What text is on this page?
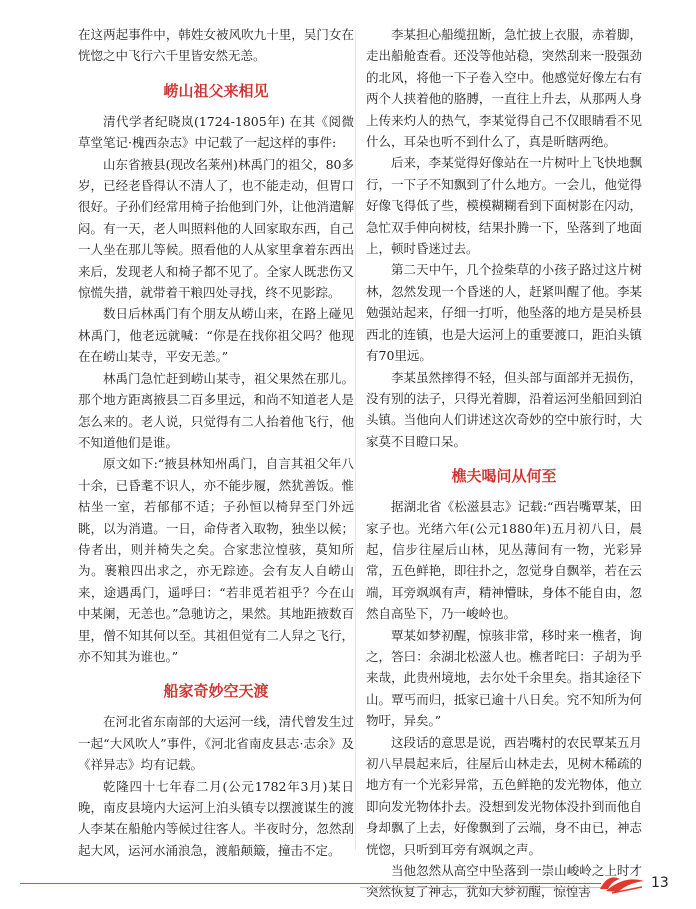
在这两起事件中，韩姓女被风吹九十里，吴门女在恍惚之中飞行六千里皆安然无恙。

崂山祖父来相见

清代学者纪晓岚(1724-1805年) 在其《阅微草堂笔记·槐西杂志》中记载了一起这样的事件:

山东省掖县(现改名莱州)林禹门的祖父，80多岁，已经老昏得认不清人了，也不能走动，但胃口很好。子孙们经常用椅子抬他到门外，让他消遣解闷。有一天，老人叫照料他的人回家取东西，自己一人坐在那儿等候。照看他的人从家里拿着东西出来后，发现老人和椅子都不见了。全家人既悲伤又惊慌失措，就带着干粮四处寻找，终不见影踪。

数日后林禹门有个朋友从崂山来，在路上碰见林禹门，他老远就喊：“你是在找你祖父吗？他现在在崂山某寺，平安无恙。”

林禹门急忙赶到崂山某寺，祖父果然在那儿。那个地方距离掖县二百多里远，和尚不知道老人是怎么来的。老人说，只觉得有二人抬着他飞行，他不知道他们是谁。

原文如下:“掖县林知州禹门，自言其祖父年八十余，已昏耄不识人，亦不能步履，然犹善饭。惟枯坐一室，若郁郁不适；子孙恒以椅舁至门外远眺，以为消遣。一日，命侍者入取物，独坐以候；侍者出，则并椅失之矣。合家悲泣惶骇，莫知所为。裹粮四出求之，亦无踪迹。会有友人自崂山来，途遇禹门，遥呼曰：“若非觅若祖乎？今在山中某阑，无恙也。”急驰访之，果然。其地距掖数百里，僧不知其何以至。其祖但觉有二人舁之飞行，亦不知其为谁也。”

船家奇妙空天渡

在河北省东南部的大运河一线，清代曾发生过一起“大风吹人”事件，《河北省南皮县志·志余》及《祥异志》均有记载。

乾隆四十七年春二月(公元1782年3月)某日晚，南皮县境内大运河上泊头镇专以摆渡谋生的渡人李某在船舱内等候过往客人。半夜时分，忽然刮起大风，运河水涌浪急，渡船颠簸，撞击不定。

李某担心船缆扭断，急忙披上衣服，赤着脚，走出船舱查看。还没等他站稳，突然刮来一股强劲的北风，将他一下子卷入空中。他感觉好像左右有两个人挟着他的胳膊，一直往上升去，从那两人身上传来灼人的热气，李某觉得自己不仅眼睛看不见什么，耳朵也听不到什么了，真是昕瞎两绝。

后来，李某觉得好像站在一片树叶上飞快地飘行，一下子不知飘到了什么地方。一会儿，他觉得好像飞得低了些，模模糊糊看到下面树影在闪动，急忙双手伸向树枝，结果扑腾一下，坠落到了地面上，顿时昏迷过去。

第二天中午，几个捡柴草的小孩子路过这片树林，忽然发现一个昏迷的人，赶紧叫醒了他。李某勉强站起来，仔细一打听，他坠落的地方是吴桥县西北的连镇，也是大运河上的重要渡口，距泊头镇有70里远。

李某虽然摔得不轻，但头部与面部并无损伤，没有别的法子，只得光着脚，沿着运河坐船回到泊头镇。当他向人们讲述这次奇妙的空中旅行时，大家莫不目瞪口呆。

樵夫喝问从何至

据湖北省《松滋县志》记载:“西岩嘴覃某，田家子也。光绪六年(公元1880年)五月初八日，晨起，信步往屋后山林，见丛薄间有一物，光彩异常，五色鲜艳，即往扑之，忽觉身自飘举，若在云端，耳旁飒飒有声，精神懵昧，身体不能自由，忽然自高坠下，乃一峻岭也。

覃某如梦初醒，惊骇非常，移时来一樵者，询之，答曰：余湖北松滋人也。樵者咤曰：子胡为乎来哉，此贵州境地，去尔处千余里矣。指其途径下山。覃丐而归，抵家已逾十八日矣。究不知所为何物吁，异矣。”

这段话的意思是说，西岩嘴村的农民覃某五月初八早晨起来后，往屋后山林走去，见树木稀疏的地方有一个光彩异常，五色鲜艳的发光物体，他立即向发光物体扑去。没想到发光物体没扑到而他自身却飘了上去，好像飘到了云端，身不由已，神志恍惚，只听到耳旁有飒飒之声。

当他忽然从高空中坠落到一崇山峻岭之上时才突然恢复了神志，犹如大梦初醒，惊惶害

13
